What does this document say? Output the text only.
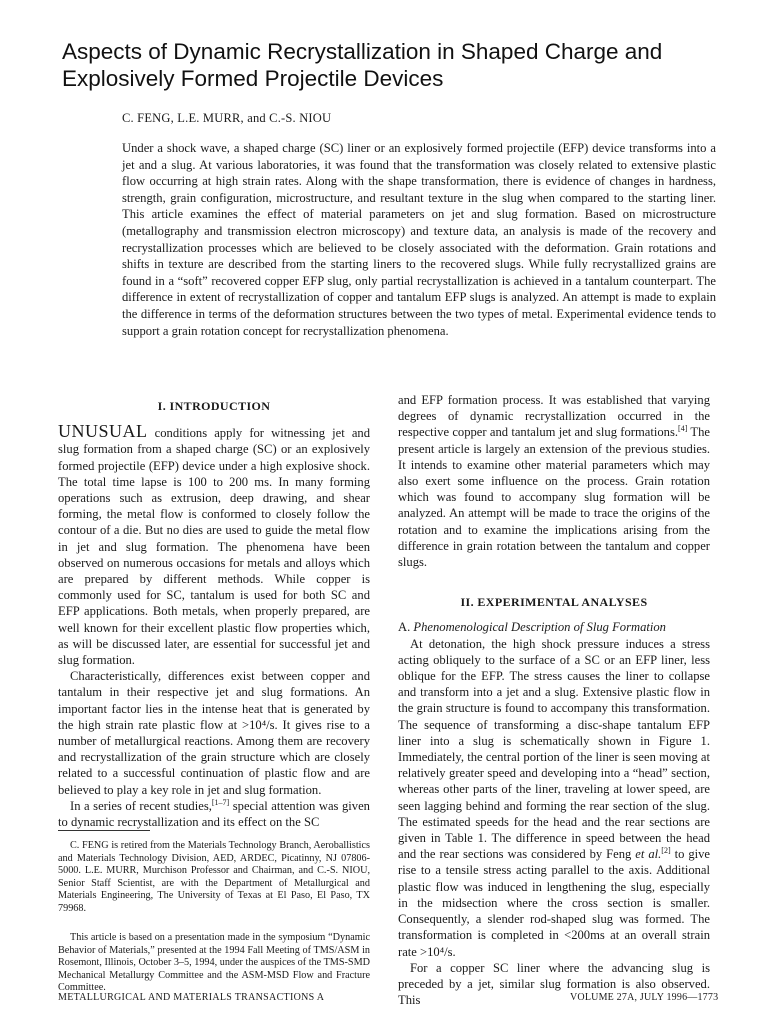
Aspects of Dynamic Recrystallization in Shaped Charge and Explosively Formed Projectile Devices
C. FENG, L.E. MURR, and C.-S. NIOU

Under a shock wave, a shaped charge (SC) liner or an explosively formed projectile (EFP) device transforms into a jet and a slug. At various laboratories, it was found that the transformation was closely related to extensive plastic flow occurring at high strain rates. Along with the shape transformation, there is evidence of changes in hardness, strength, grain configuration, microstructure, and resultant texture in the slug when compared to the starting liner. This article examines the effect of material parameters on jet and slug formation. Based on microstructure (metallography and transmission electron microscopy) and texture data, an analysis is made of the recovery and recrystallization processes which are believed to be closely associated with the deformation. Grain rotations and shifts in texture are described from the starting liners to the recovered slugs. While fully recrystallized grains are found in a “soft” recovered copper EFP slug, only partial recrystallization is achieved in a tantalum counterpart. The difference in extent of recrystallization of copper and tantalum EFP slugs is analyzed. An attempt is made to explain the difference in terms of the deformation structures between the two types of metal. Experimental evidence tends to support a grain rotation concept for recrystallization phenomena.

I. INTRODUCTION

UNUSUAL conditions apply for witnessing jet and slug formation from a shaped charge (SC) or an explosively formed projectile (EFP) device under a high explosive shock. The total time lapse is 100 to 200 ms. In many forming operations such as extrusion, deep drawing, and shear forming, the metal flow is conformed to closely follow the contour of a die. But no dies are used to guide the metal flow in jet and slug formation. The phenomena have been observed on numerous occasions for metals and alloys which are prepared by different methods. While copper is commonly used for SC, tantalum is used for both SC and EFP applications. Both metals, when properly prepared, are well known for their excellent plastic flow properties which, as will be discussed later, are essential for successful jet and slug formation.

Characteristically, differences exist between copper and tantalum in their respective jet and slug formations. An important factor lies in the intense heat that is generated by the high strain rate plastic flow at >10⁴/s. It gives rise to a number of metallurgical reactions. Among them are recovery and recrystallization of the grain structure which are closely related to a successful continuation of plastic flow and are believed to play a key role in jet and slug formation.

In a series of recent studies,[1–7] special attention was given to dynamic recrystallization and its effect on the SC

C. FENG is retired from the Materials Technology Branch, Aeroballistics and Materials Technology Division, AED, ARDEC, Picatinny, NJ 07806-5000. L.E. MURR, Murchison Professor and Chairman, and C.-S. NIOU, Senior Staff Scientist, are with the Department of Metallurgical and Materials Engineering, The University of Texas at El Paso, El Paso, TX 79968.

This article is based on a presentation made in the symposium “Dynamic Behavior of Materials,” presented at the 1994 Fall Meeting of TMS/ASM in Rosemont, Illinois, October 3–5, 1994, under the auspices of the TMS-SMD Mechanical Metallurgy Committee and the ASM-MSD Flow and Fracture Committee.

and EFP formation process. It was established that varying degrees of dynamic recrystallization occurred in the respective copper and tantalum jet and slug formations.[4] The present article is largely an extension of the previous studies. It intends to examine other material parameters which may also exert some influence on the process. Grain rotation which was found to accompany slug formation will be analyzed. An attempt will be made to trace the origins of the rotation and to examine the implications arising from the difference in grain rotation between the tantalum and copper slugs.

II. EXPERIMENTAL ANALYSES

A. Phenomenological Description of Slug Formation

At detonation, the high shock pressure induces a stress acting obliquely to the surface of a SC or an EFP liner, less oblique for the EFP. The stress causes the liner to collapse and transform into a jet and a slug. Extensive plastic flow in the grain structure is found to accompany this transformation. The sequence of transforming a disc-shape tantalum EFP liner into a slug is schematically shown in Figure 1. Immediately, the central portion of the liner is seen moving at relatively greater speed and developing into a “head” section, whereas other parts of the liner, traveling at lower speed, are seen lagging behind and forming the rear section of the slug. The estimated speeds for the head and the rear sections are given in Table 1. The difference in speed between the head and the rear sections was considered by Feng et al.[2] to give rise to a tensile stress acting parallel to the axis. Additional plastic flow was induced in lengthening the slug, especially in the midsection where the cross section is smaller. Consequently, a slender rod-shaped slug was formed. The transformation is completed in <200ms at an overall strain rate >10⁴/s.

For a copper SC liner where the advancing slug is preceded by a jet, similar slug formation is also observed. This

METALLURGICAL AND MATERIALS TRANSACTIONS A	VOLUME 27A, JULY 1996—1773
